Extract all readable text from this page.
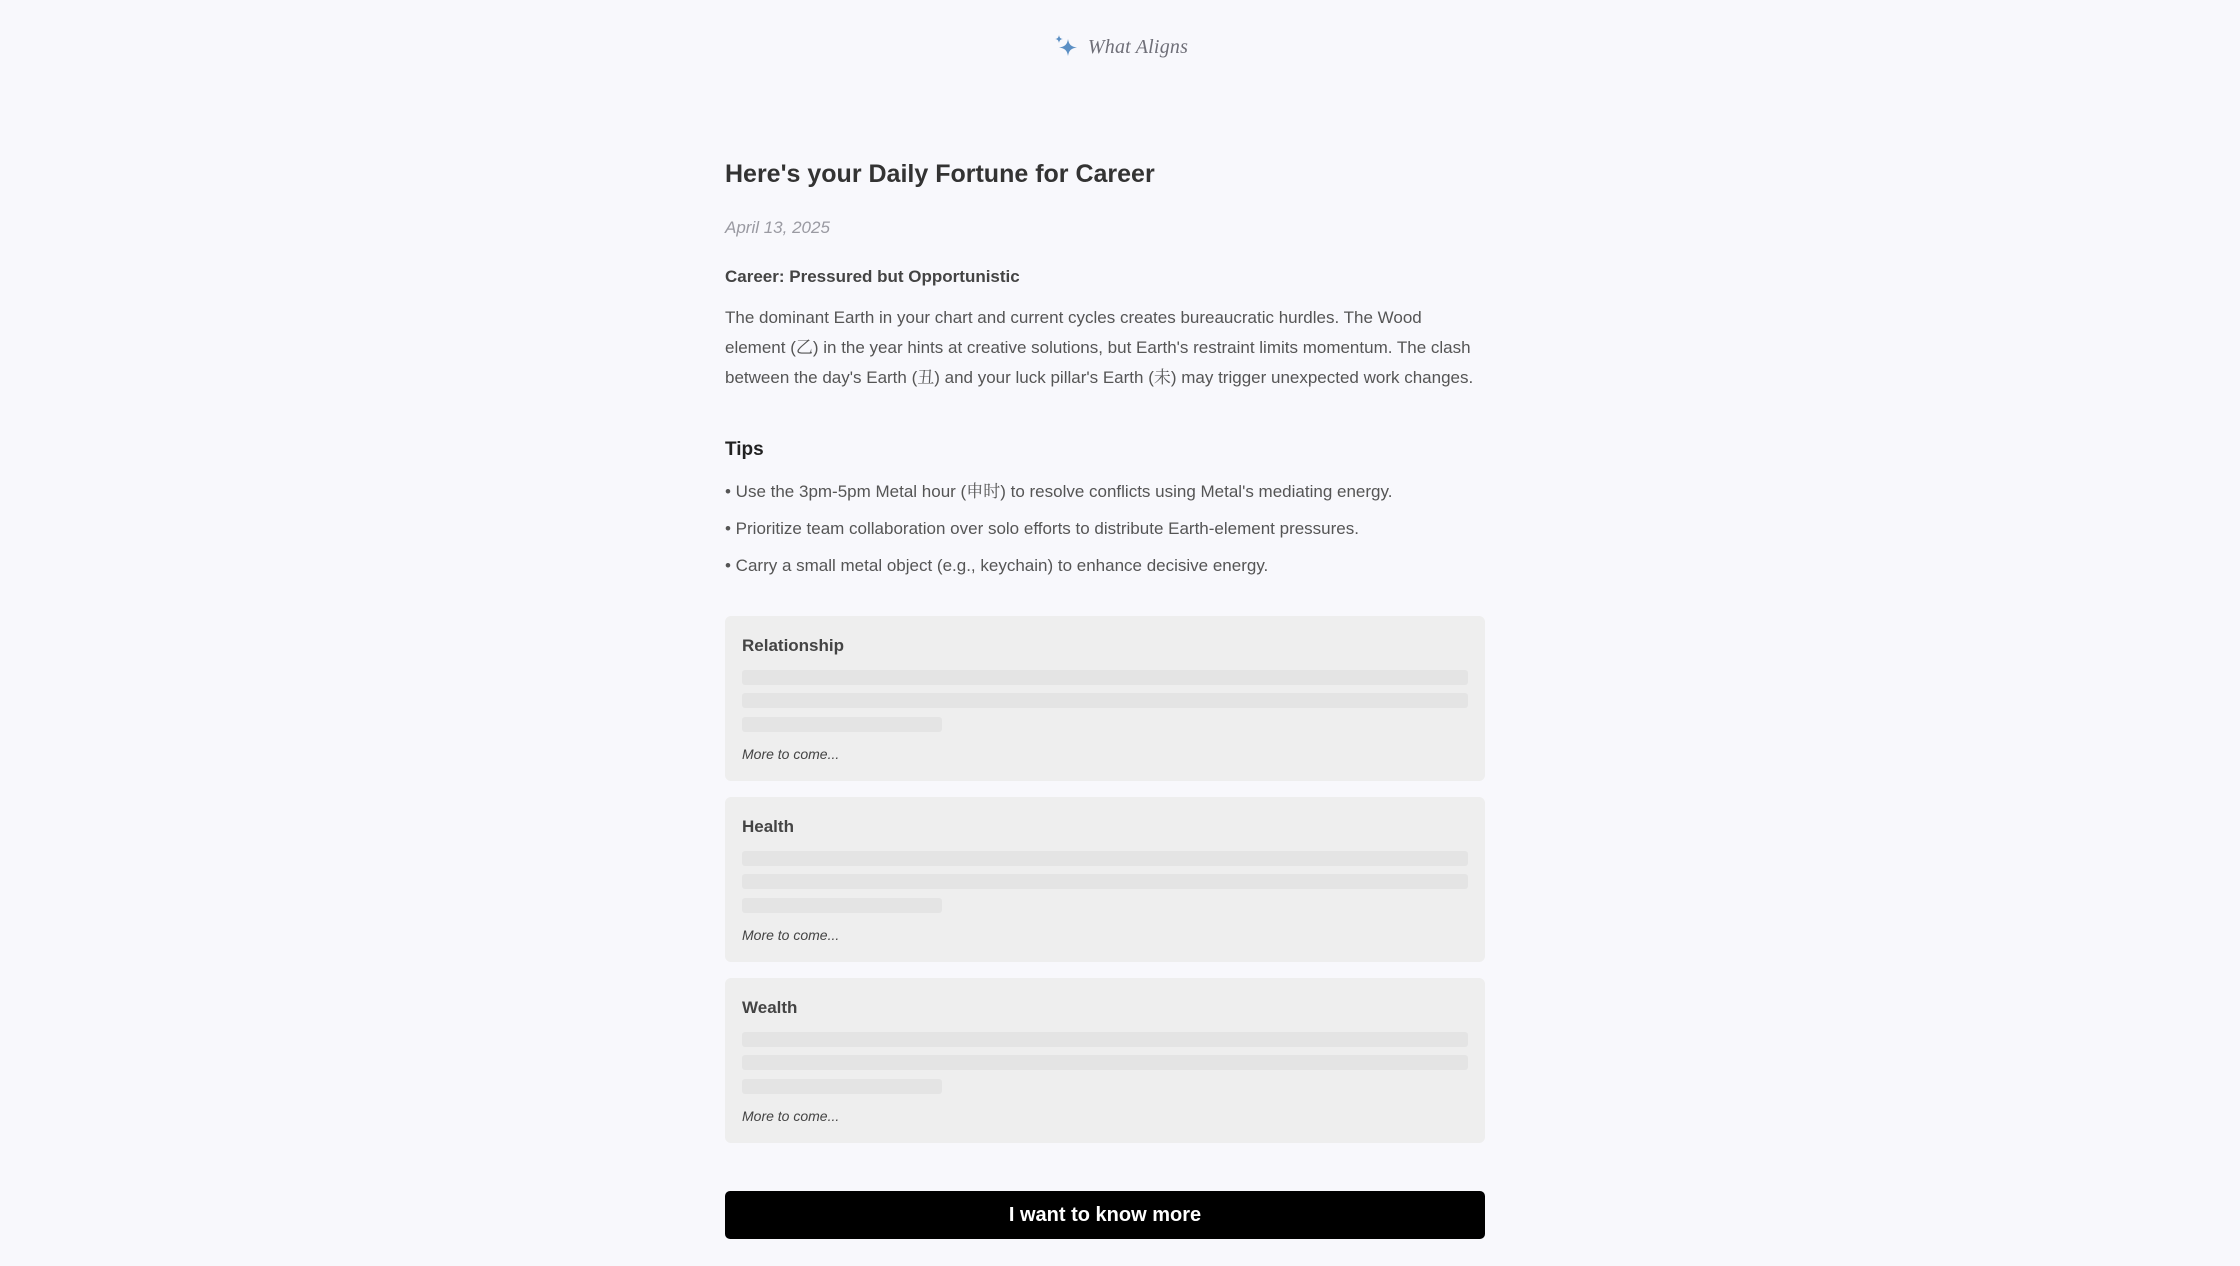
What Aligns
Here's your Daily Fortune for Career
April 13, 2025
Career: Pressured but Opportunistic

The dominant Earth in your chart and current cycles creates bureaucratic hurdles. The Wood element (乙) in the year hints at creative solutions, but Earth's restraint limits momentum. The clash between the day's Earth (丑) and your luck pillar's Earth (未) may trigger unexpected work changes.

Tips
• Use the 3pm-5pm Metal hour (申时) to resolve conflicts using Metal's mediating energy.
• Prioritize team collaboration over solo efforts to distribute Earth-element pressures.
• Carry a small metal object (e.g., keychain) to enhance decisive energy.
Relationship
More to come...
Health
More to come...
Wealth
More to come...
I want to know more
